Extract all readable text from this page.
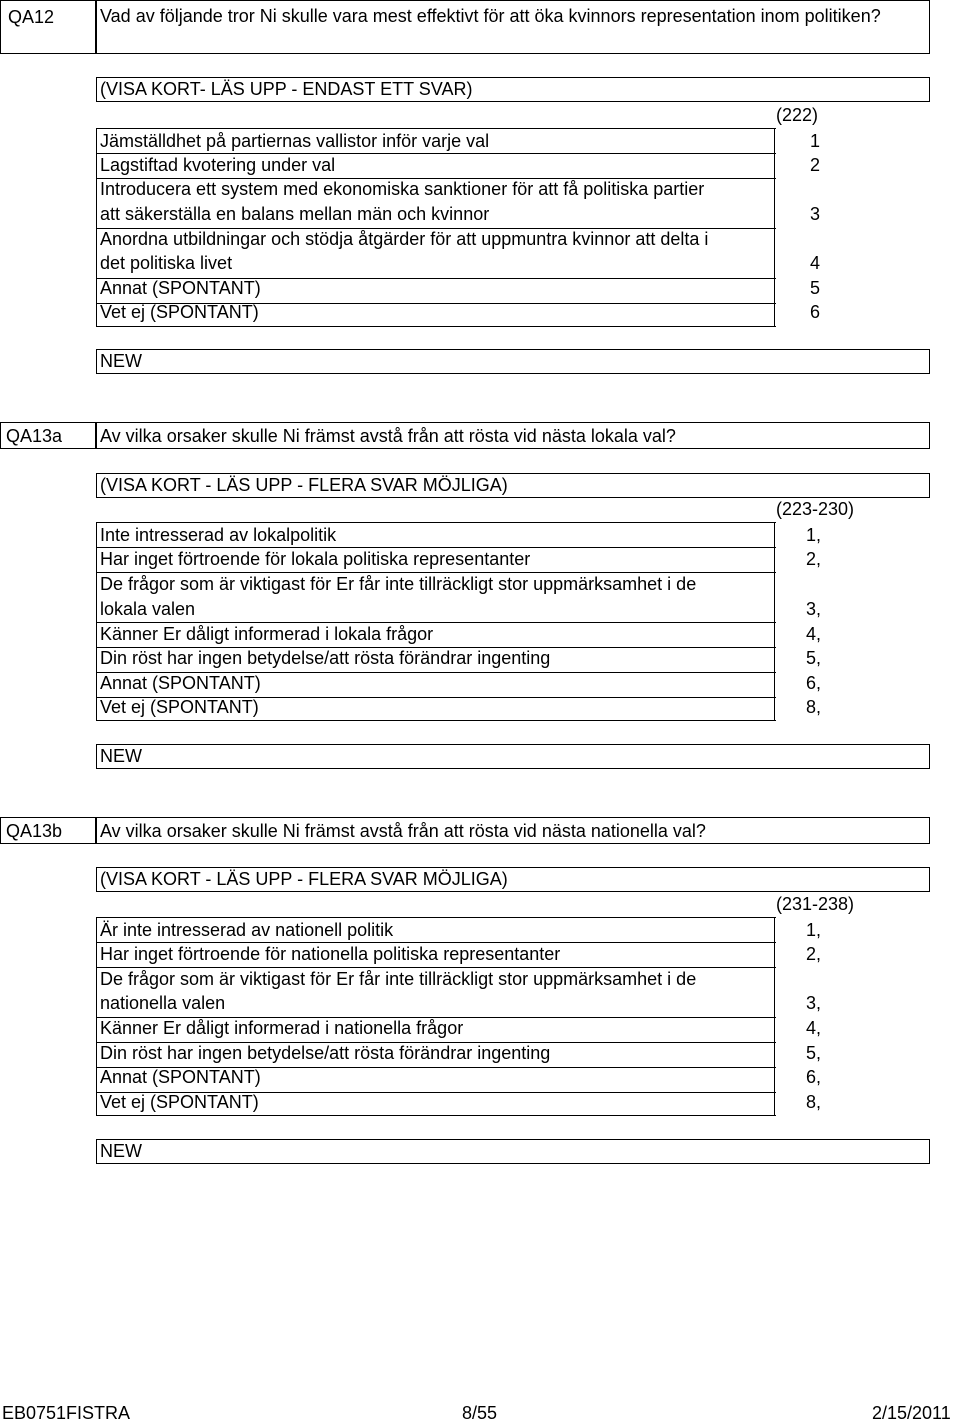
QA12	Vad av följande tror Ni skulle vara mest effektivt för att öka kvinnors representation inom politiken?
(VISA KORT- LÄS UPP - ENDAST ETT SVAR)
(222)
Jämställdhet på partiernas vallistor inför varje val	1
Lagstiftad kvotering under val	2
Introducera ett system med ekonomiska sanktioner för att få politiska partier
att säkerställa en balans mellan män och kvinnor	3
Anordna utbildningar och stödja åtgärder för att uppmuntra kvinnor att delta i
det politiska livet	4
Annat (SPONTANT)	5
Vet ej (SPONTANT)	6
NEW
QA13a Av vilka orsaker skulle Ni främst avstå från att rösta vid nästa lokala val?
(VISA KORT - LÄS UPP - FLERA SVAR MÖJLIGA)
(223-230)
Inte intresserad av lokalpolitik	1,
Har inget förtroende för lokala politiska representanter	2,
De frågor som är viktigast för Er får inte tillräckligt stor uppmärksamhet i de
lokala valen	3,
Känner Er dåligt informerad i lokala frågor	4,
Din röst har ingen betydelse/att rösta förändrar ingenting	5,
Annat (SPONTANT)	6,
Vet ej (SPONTANT)	8,
NEW
QA13b Av vilka orsaker skulle Ni främst avstå från att rösta vid nästa nationella val?
(VISA KORT - LÄS UPP - FLERA SVAR MÖJLIGA)
(231-238)
Är inte intresserad av nationell politik	1,
Har inget förtroende för nationella politiska representanter	2,
De frågor som är viktigast för Er får inte tillräckligt stor uppmärksamhet i de
nationella valen	3,
Känner Er dåligt informerad i nationella frågor	4,
Din röst har ingen betydelse/att rösta förändrar ingenting	5,
Annat (SPONTANT)	6,
Vet ej (SPONTANT)	8,
NEW
EB0751FISTRA	8/55	2/15/2011
